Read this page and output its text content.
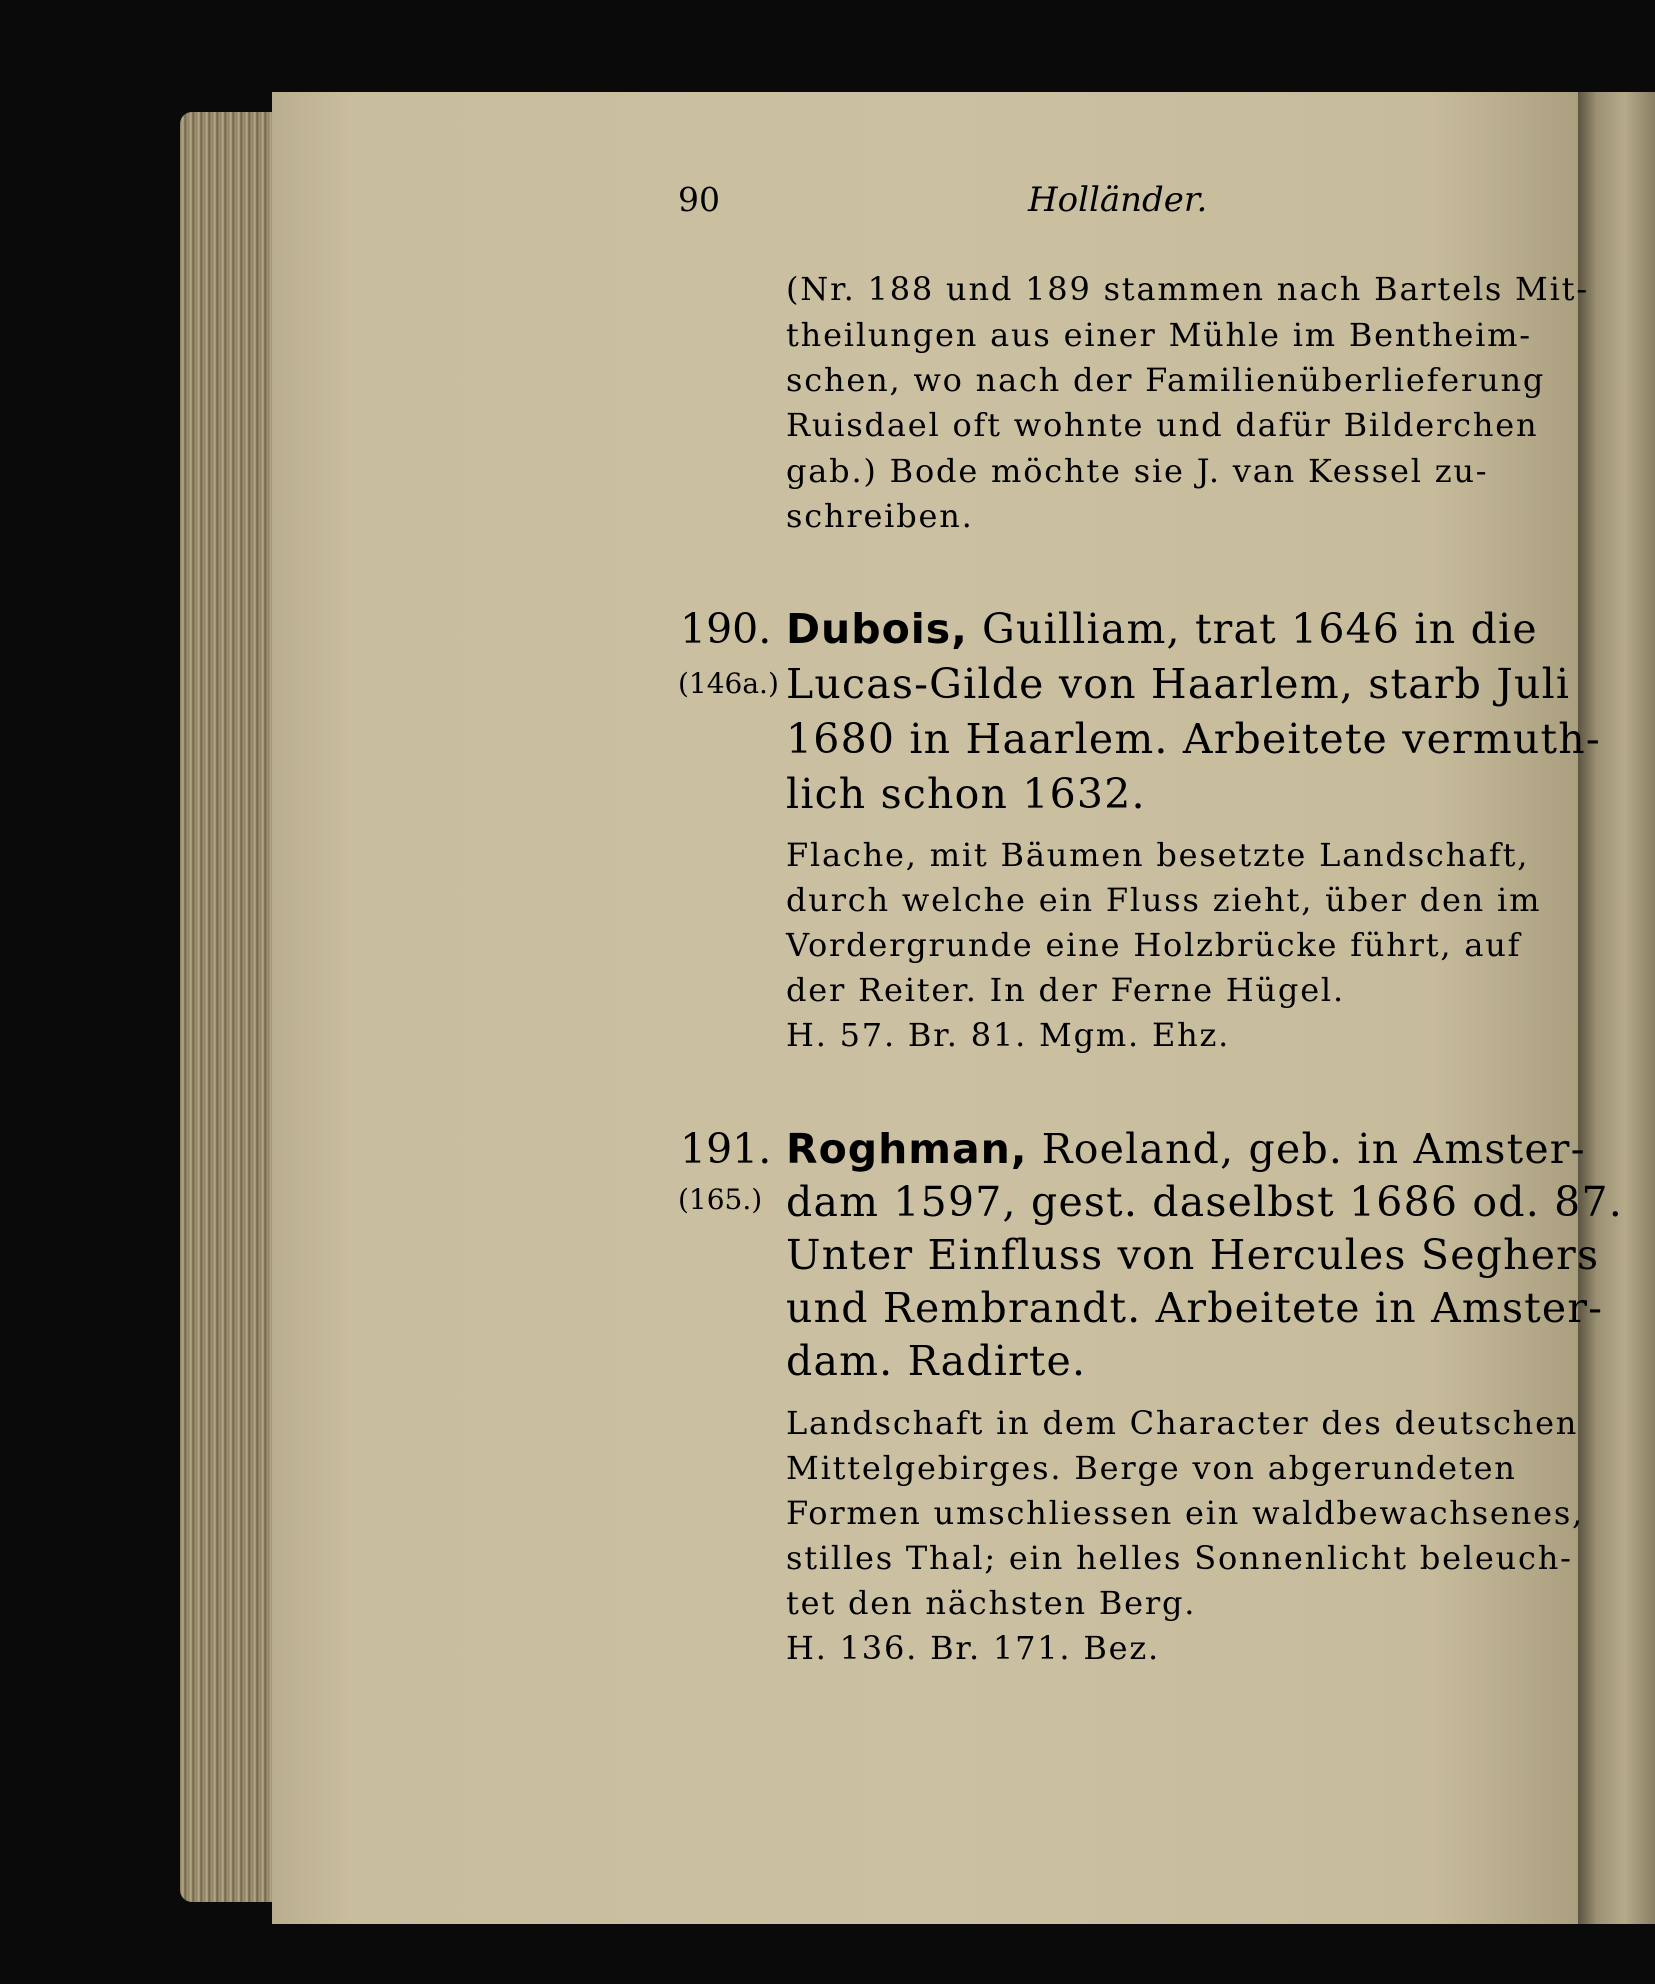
90	Holländer.
(Nr. 188 und 189 stammen nach Bartels Mit-
theilungen aus einer Mühle im Bentheim-
schen, wo nach der Familienüberlieferung
Ruisdael oft wohnte und dafür Bilderchen
gab.) Bode möchte sie J. van Kessel zu-
schreiben.
190.
(146a.)
Dubois, Guilliam, trat 1646 in die
Lucas-Gilde von Haarlem, starb Juli
1680 in Haarlem. Arbeitete vermuth-
lich schon 1632.
Flache, mit Bäumen besetzte Landschaft,
durch welche ein Fluss zieht, über den im
Vordergrunde eine Holzbrücke führt, auf
der Reiter. In der Ferne Hügel.
H. 57. Br. 81. Mgm. Ehz.
191.
(165.)
Roghman, Roeland, geb. in Amster-
dam 1597, gest. daselbst 1686 od. 87.
Unter Einfluss von Hercules Seghers
und Rembrandt. Arbeitete in Amster-
dam. Radirte.
Landschaft in dem Character des deutschen
Mittelgebirges. Berge von abgerundeten
Formen umschliessen ein waldbewachsenes,
stilles Thal; ein helles Sonnenlicht beleuch-
tet den nächsten Berg.
H. 136. Br. 171. Bez.
